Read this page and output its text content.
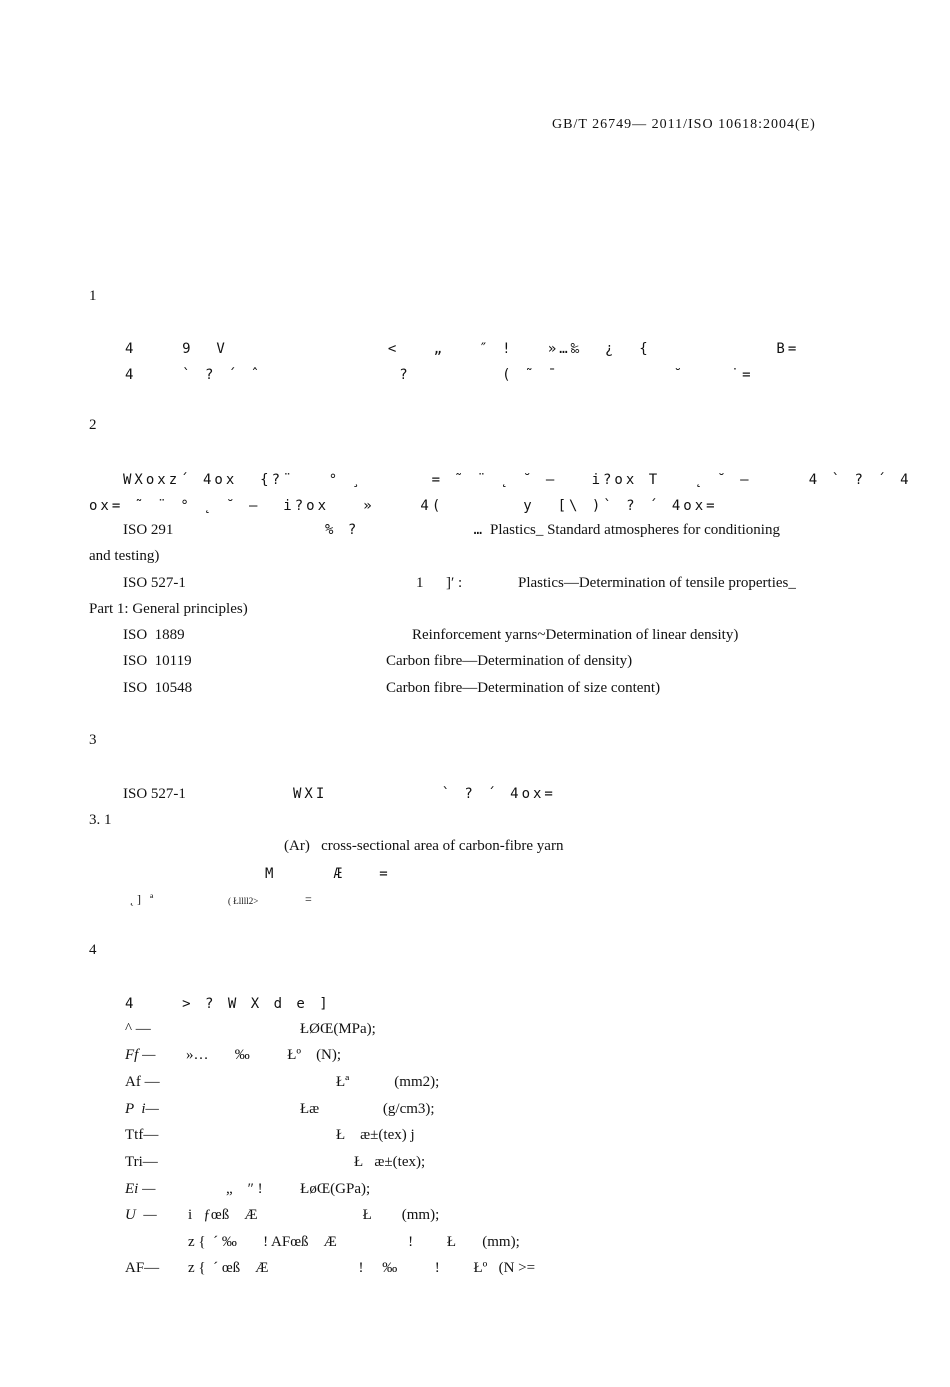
GB/T 26749— 2011/ISO 10618:2004(E)
1
4    9  V              <   „   ″ !   »…‰  ¿  {           B=
4    ` ? ´ ˆ            ?        ( ˜ ¯          ˘    ˙=
2
WXoxz´ 4ox  {?¨   ° ¸      = ˜ ¨ ˛ ˘ —   i?ox T   ˛ ˘ —     4 ` ? ´ 4
ox= ˜ ¨ ° ˛ ˘ —  i?ox   »    4(       y  [\ )` ? ´ 4ox=
ISO 291	% ?          … Plastics_ Standard atmospheres for conditioning
and testing)
ISO 527-1	1      ]′ :	Plastics—Determination of tensile properties_
Part 1: General principles)
ISO  1889	Reinforcement yarns~Determination of linear density)
ISO  10119	Carbon fibre—Determination of density)
ISO  10548	Carbon fibre—Determination of size content)
3
ISO 527-1	WXI          ` ? ´ 4ox=
3. 1
(Ar)   cross-sectional area of carbon-fibre yarn
M     Æ   =
˛ ]   ª	( Łllll2>	=
4
4    > ? W X d e ]
^ —	ŁØŒ(MPa);
Ff — »…       ‰          Łº    (N);
Af —	Łª            (mm2);
P  i—	Łæ                 (g/cm3);
Ttf—	Ł    æ±(tex) j
Tri—	Ł   æ±(tex);
Ei —	„    ″ !          ŁøŒ(GPa);
U  — i   ƒœß    Æ                            Ł        (mm);
z {  ´ ‰       ! AFœß    Æ                   !         Ł       (mm);
AF— z {  ´ œß    Æ                        !     ‰          !         Łº   (N >=
